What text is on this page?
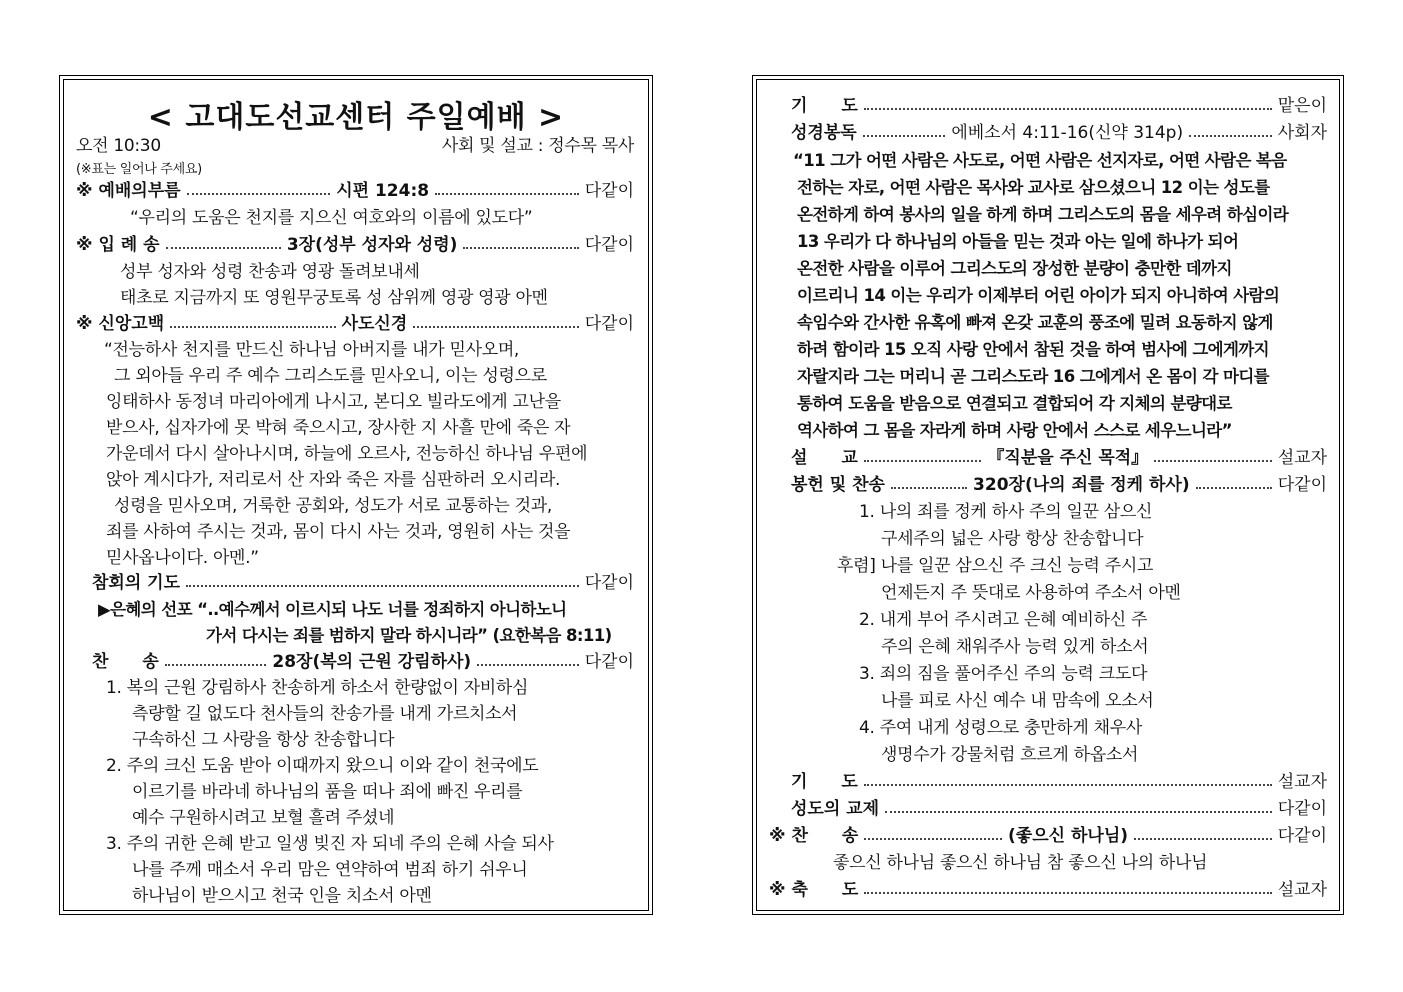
< 고대도선교센터 주일예배 >
오전 10:30	사회 및 설교 : 정수목 목사
(※표는 일어나 주세요)
※ 예배의부름	시편 124:8	다같이
“우리의 도움은 천지를 지으신 여호와의 이름에 있도다”
※ 입 례 송	3장(성부 성자와 성령)	다같이
성부 성자와 성령 찬송과 영광 돌려보내세
태초로 지금까지 또 영원무궁토록 성 삼위께 영광 영광 아멘
※ 신앙고백	사도신경	다같이
“전능하사 천지를 만드신 하나님 아버지를 내가 믿사오며,
그 외아들 우리 주 예수 그리스도를 믿사오니, 이는 성령으로
잉태하사 동정녀 마리아에게 나시고, 본디오 빌라도에게 고난을
받으사, 십자가에 못 박혀 죽으시고, 장사한 지 사흘 만에 죽은 자
가운데서 다시 살아나시며, 하늘에 오르사, 전능하신 하나님 우편에
앉아 계시다가, 저리로서 산 자와 죽은 자를 심판하러 오시리라.
성령을 믿사오며, 거룩한 공회와, 성도가 서로 교통하는 것과,
죄를 사하여 주시는 것과, 몸이 다시 사는 것과, 영원히 사는 것을
믿사옵나이다. 아멘.”
참회의 기도	다같이
▶은혜의 선포 “..예수께서 이르시되 나도 너를 정죄하지 아니하노니
가서 다시는 죄를 범하지 말라 하시니라” (요한복음 8:11)
찬　　송	28장(복의 근원 강림하사)	다같이
1. 복의 근원 강림하사 찬송하게 하소서 한량없이 자비하심
측량할 길 없도다 천사들의 찬송가를 내게 가르치소서
구속하신 그 사랑을 항상 찬송합니다
2. 주의 크신 도움 받아 이때까지 왔으니 이와 같이 천국에도
이르기를 바라네 하나님의 품을 떠나 죄에 빠진 우리를
예수 구원하시려고 보혈 흘려 주셨네
3. 주의 귀한 은혜 받고 일생 빚진 자 되네 주의 은혜 사슬 되사
나를 주께 매소서 우리 맘은 연약하여 범죄 하기 쉬우니
하나님이 받으시고 천국 인을 치소서 아멘
기　　도	맡은이
성경봉독	에베소서 4:11-16(신약 314p)	사회자
“11 그가 어떤 사람은 사도로, 어떤 사람은 선지자로, 어떤 사람은 복음
전하는 자로, 어떤 사람은 목사와 교사로 삼으셨으니 12 이는 성도를
온전하게 하여 봉사의 일을 하게 하며 그리스도의 몸을 세우려 하심이라
13 우리가 다 하나님의 아들을 믿는 것과 아는 일에 하나가 되어
온전한 사람을 이루어 그리스도의 장성한 분량이 충만한 데까지
이르리니 14 이는 우리가 이제부터 어린 아이가 되지 아니하여 사람의
속임수와 간사한 유혹에 빠져 온갖 교훈의 풍조에 밀려 요동하지 않게
하려 함이라 15 오직 사랑 안에서 참된 것을 하여 범사에 그에게까지
자랄지라 그는 머리니 곧 그리스도라 16 그에게서 온 몸이 각 마디를
통하여 도움을 받음으로 연결되고 결합되어 각 지체의 분량대로
역사하여 그 몸을 자라게 하며 사랑 안에서 스스로 세우느니라”
설　　교	『직분을 주신 목적』	설교자
봉헌 및 찬송	320장(나의 죄를 정케 하사)	다같이
1. 나의 죄를 정케 하사 주의 일꾼 삼으신
구세주의 넓은 사랑 항상 찬송합니다
후렴] 나를 일꾼 삼으신 주 크신 능력 주시고
언제든지 주 뜻대로 사용하여 주소서 아멘
2. 내게 부어 주시려고 은혜 예비하신 주
주의 은혜 채워주사 능력 있게 하소서
3. 죄의 짐을 풀어주신 주의 능력 크도다
나를 피로 사신 예수 내 맘속에 오소서
4. 주여 내게 성령으로 충만하게 채우사
생명수가 강물처럼 흐르게 하옵소서
기　　도	설교자
성도의 교제	다같이
※ 찬　　송	(좋으신 하나님)	다같이
좋으신 하나님 좋으신 하나님 참 좋으신 나의 하나님
※ 축　　도	설교자
